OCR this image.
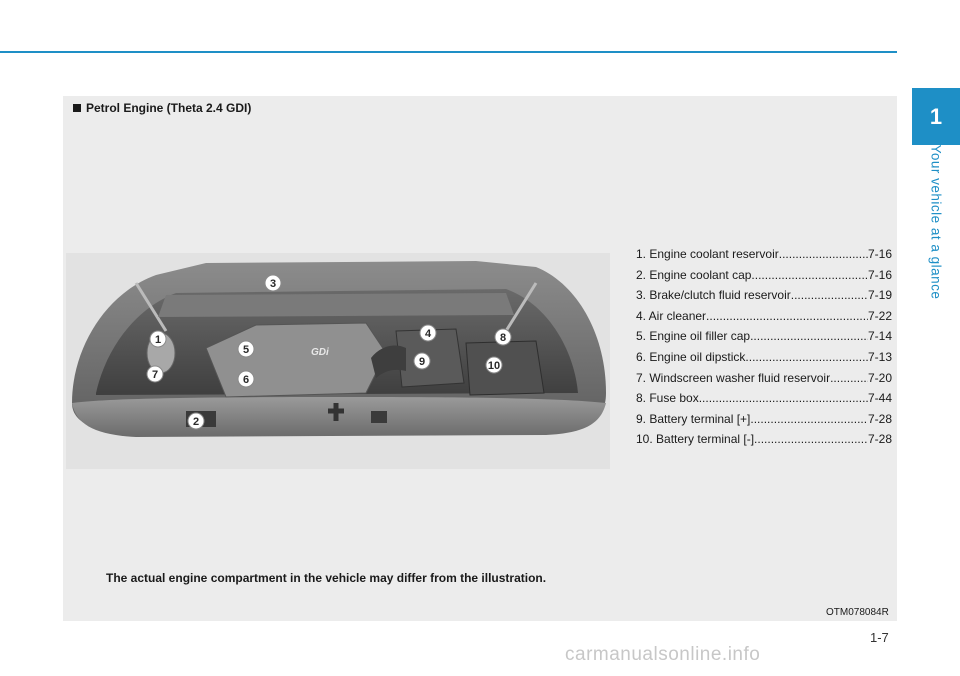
1
Your vehicle at a glance
Petrol Engine (Theta 2.4 GDI)
GDi
1
2
3
4
5
6
7
8
9	10
1. Engine coolant reservoir .....	7-16
2. Engine coolant cap .....	7-16
3. Brake/clutch fluid reservoir .....	7-19
4. Air cleaner .....	7-22
5. Engine oil filler cap .....	7-14
6. Engine oil dipstick .....	7-13
7. Windscreen washer fluid reservoir .....	7-20
8. Fuse box .....	7-44
9. Battery terminal [+] .....	7-28
10. Battery terminal [-] .....	7-28
The actual engine compartment in the vehicle may differ from the illustration.
OTM078084R
1-7
carmanualsonline.info
